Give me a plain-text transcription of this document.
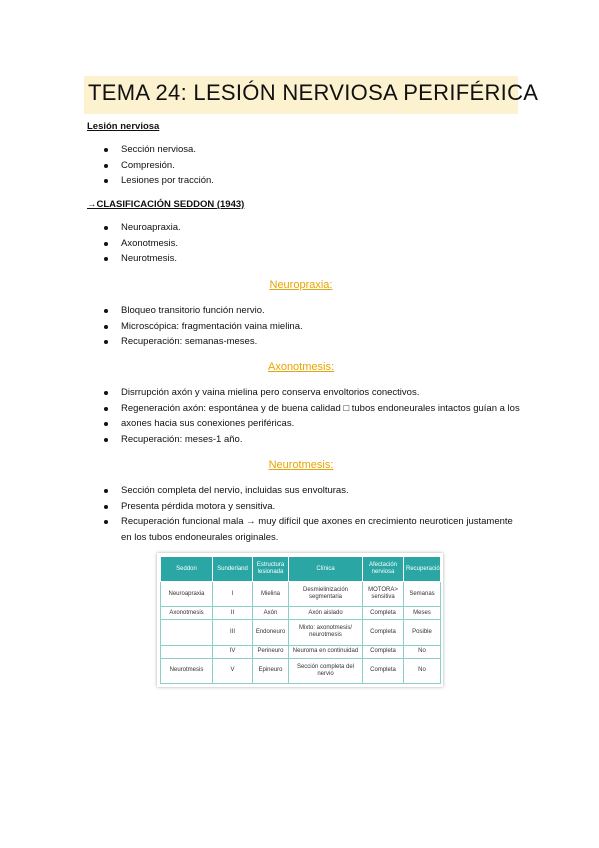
TEMA 24: LESIÓN NERVIOSA PERIFÉRICA
Lesión nerviosa
Sección nerviosa.
Compresión.
Lesiones por tracción.
→CLASIFICACIÓN SEDDON (1943)
Neuroapraxia.
Axonotmesis.
Neurotmesis.
Neuropraxia:
Bloqueo transitorio función nervio.
Microscópica: fragmentación vaina mielina.
Recuperación: semanas-meses.
Axonotmesis:
Disrrupción axón y vaina mielina pero conserva envoltorios conectivos.
Regeneración axón: espontánea y de buena calidad □ tubos endoneurales intactos guían a los
axones hacia sus conexiones periféricas.
Recuperación: meses-1 año.
Neurotmesis:
Sección completa del nervio, incluidas sus envolturas.
Presenta pérdida motora y sensitiva.
Recuperación funcional mala → muy difícil que axones en crecimiento neuroticen justamente
en los tubos endoneurales originales.
Seddon	Sunderland	Estructura lesionada	Clínica	Afectación nerviosa	Recuperación
Neuroapraxia	I	Mielina	Desmielinización segmentaria	MOTORA> sensitiva	Semanas
Axonotmesis	II	Axón	Axón aislado	Completa	Meses
	III	Endoneuro	Mixto: axonotmesis/ neurotmesis	Completa	Posible
	IV	Perineuro	Neuroma en continuidad	Completa	No
Neurotmesis	V	Epineuro	Sección completa del nervio	Completa	No
